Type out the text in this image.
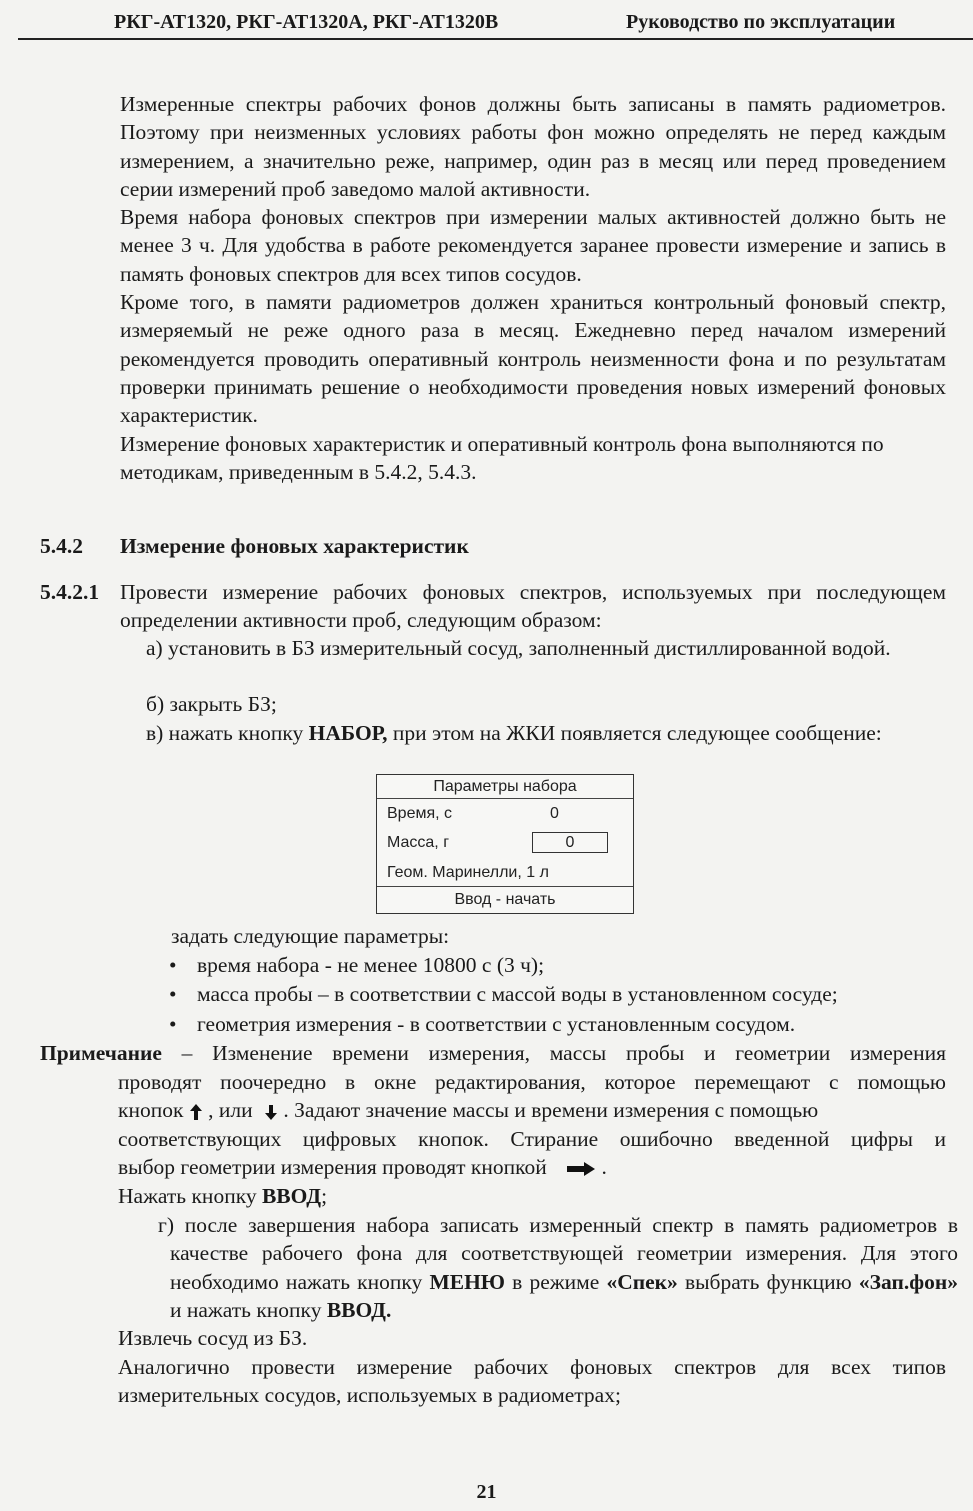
РКГ-АТ1320, РКГ-АТ1320А, РКГ-АТ1320В	Руководство по эксплуатации

Измеренные спектры рабочих фонов должны быть записаны в память радиометров. Поэтому при неизменных условиях работы фон можно определять не перед каждым измерением, а значительно реже, например, один раз в месяц или перед проведением серии измерений проб заведомо малой активности.

Время набора фоновых спектров при измерении малых активностей должно быть не менее 3 ч. Для удобства в работе рекомендуется заранее провести измерение и запись в память фоновых спектров для всех типов сосудов.

Кроме того, в памяти радиометров должен храниться контрольный фоновый спектр, измеряемый не реже одного раза в месяц. Ежедневно перед началом измерений рекомендуется проводить оперативный контроль неизменности фона и по результатам проверки принимать решение о необходимости проведения новых измерений фоновых характеристик.

Измерение фоновых характеристик и оперативный контроль фона выполняются по методикам, приведенным в 5.4.2, 5.4.3.

5.4.2 Измерение фоновых характеристик
5.4.2.1 Провести измерение рабочих фоновых спектров, используемых при последующем определении активности проб, следующим образом:

а) установить в БЗ измерительный сосуд, заполненный дистиллированной водой.
б) закрыть БЗ;
в) нажать кнопку НАБОР, при этом на ЖКИ появляется следующее сообщение:
Параметры набора
Время, с	0
Масса, г	0
Геом. Маринелли, 1 л
Ввод - начать
задать следующие параметры:
• время набора - не менее 10800 с (3 ч);
• масса пробы – в соответствии с массой воды в установленном сосуде;
• геометрия измерения - в соответствии с установленным сосудом.
Примечание – Изменение времени измерения, массы пробы и геометрии измерения
проводят поочередно в окне редактирования, которое перемещают с помощью
кнопок  , или  . Задают значение массы и времени измерения с помощью
соответствующих цифровых кнопок. Стирание ошибочно введенной цифры и
выбор геометрии измерения проводят кнопкой	.
Нажать кнопку ВВОД;
г) после завершения набора записать измеренный спектр в память радиометров в качестве рабочего фона для соответствующей геометрии измерения. Для этого необходимо нажать кнопку МЕНЮ в режиме «Спек» выбрать функцию «Зап.фон» и нажать кнопку ВВОД.
Извлечь сосуд из БЗ.
Аналогично провести измерение рабочих фоновых спектров для всех типов измерительных сосудов, используемых в радиометрах;
21
